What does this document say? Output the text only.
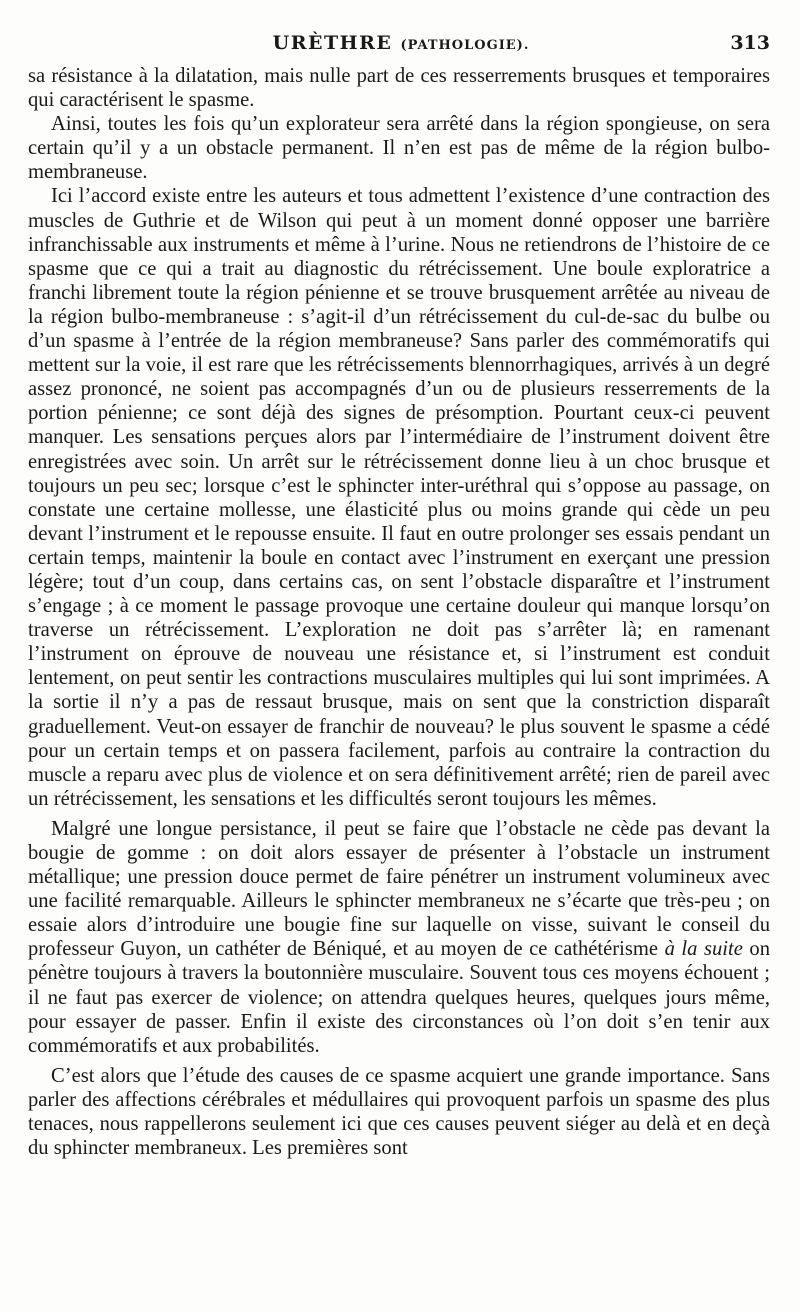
URÈTHRE (PATHOLOGIE).	313

sa résistance à la dilatation, mais nulle part de ces resserrements brusques et temporaires qui caractérisent le spasme.

Ainsi, toutes les fois qu’un explorateur sera arrêté dans la région spongieuse, on sera certain qu’il y a un obstacle permanent. Il n’en est pas de même de la région bulbo-membraneuse.

Ici l’accord existe entre les auteurs et tous admettent l’existence d’une contraction des muscles de Guthrie et de Wilson qui peut à un moment donné opposer une barrière infranchissable aux instruments et même à l’urine. Nous ne retiendrons de l’histoire de ce spasme que ce qui a trait au diagnostic du rétrécissement. Une boule exploratrice a franchi librement toute la région pénienne et se trouve brusquement arrêtée au niveau de la région bulbo-membraneuse : s’agit-il d’un rétrécissement du cul-de-sac du bulbe ou d’un spasme à l’entrée de la région membraneuse? Sans parler des commémoratifs qui mettent sur la voie, il est rare que les rétrécissements blennorrhagiques, arrivés à un degré assez prononcé, ne soient pas accompagnés d’un ou de plusieurs resserrements de la portion pénienne; ce sont déjà des signes de présomption. Pourtant ceux-ci peuvent manquer. Les sensations perçues alors par l’intermédiaire de l’instrument doivent être enregistrées avec soin. Un arrêt sur le rétrécissement donne lieu à un choc brusque et toujours un peu sec; lorsque c’est le sphincter inter-uréthral qui s’oppose au passage, on constate une certaine mollesse, une élasticité plus ou moins grande qui cède un peu devant l’instrument et le repousse ensuite. Il faut en outre prolonger ses essais pendant un certain temps, maintenir la boule en contact avec l’instrument en exerçant une pression légère; tout d’un coup, dans certains cas, on sent l’obstacle disparaître et l’instrument s’engage ; à ce moment le passage provoque une certaine douleur qui manque lorsqu’on traverse un rétrécissement. L’exploration ne doit pas s’arrêter là; en ramenant l’instrument on éprouve de nouveau une résistance et, si l’instrument est conduit lentement, on peut sentir les contractions musculaires multiples qui lui sont imprimées. A la sortie il n’y a pas de ressaut brusque, mais on sent que la constriction disparaît graduellement. Veut-on essayer de franchir de nouveau? le plus souvent le spasme a cédé pour un certain temps et on passera facilement, parfois au contraire la contraction du muscle a reparu avec plus de violence et on sera définitivement arrêté; rien de pareil avec un rétrécissement, les sensations et les difficultés seront toujours les mêmes.

Malgré une longue persistance, il peut se faire que l’obstacle ne cède pas devant la bougie de gomme : on doit alors essayer de présenter à l’obstacle un instrument métallique; une pression douce permet de faire pénétrer un instrument volumineux avec une facilité remarquable. Ailleurs le sphincter membraneux ne s’écarte que très-peu ; on essaie alors d’introduire une bougie fine sur laquelle on visse, suivant le conseil du professeur Guyon, un cathéter de Béniqué, et au moyen de ce cathétérisme à la suite on pénètre toujours à travers la boutonnière musculaire. Souvent tous ces moyens échouent ; il ne faut pas exercer de violence; on attendra quelques heures, quelques jours même, pour essayer de passer. Enfin il existe des circonstances où l’on doit s’en tenir aux commémoratifs et aux probabilités.

C’est alors que l’étude des causes de ce spasme acquiert une grande importance. Sans parler des affections cérébrales et médullaires qui provoquent parfois un spasme des plus tenaces, nous rappellerons seulement ici que ces causes peuvent siéger au delà et en deçà du sphincter membraneux. Les premières sont
